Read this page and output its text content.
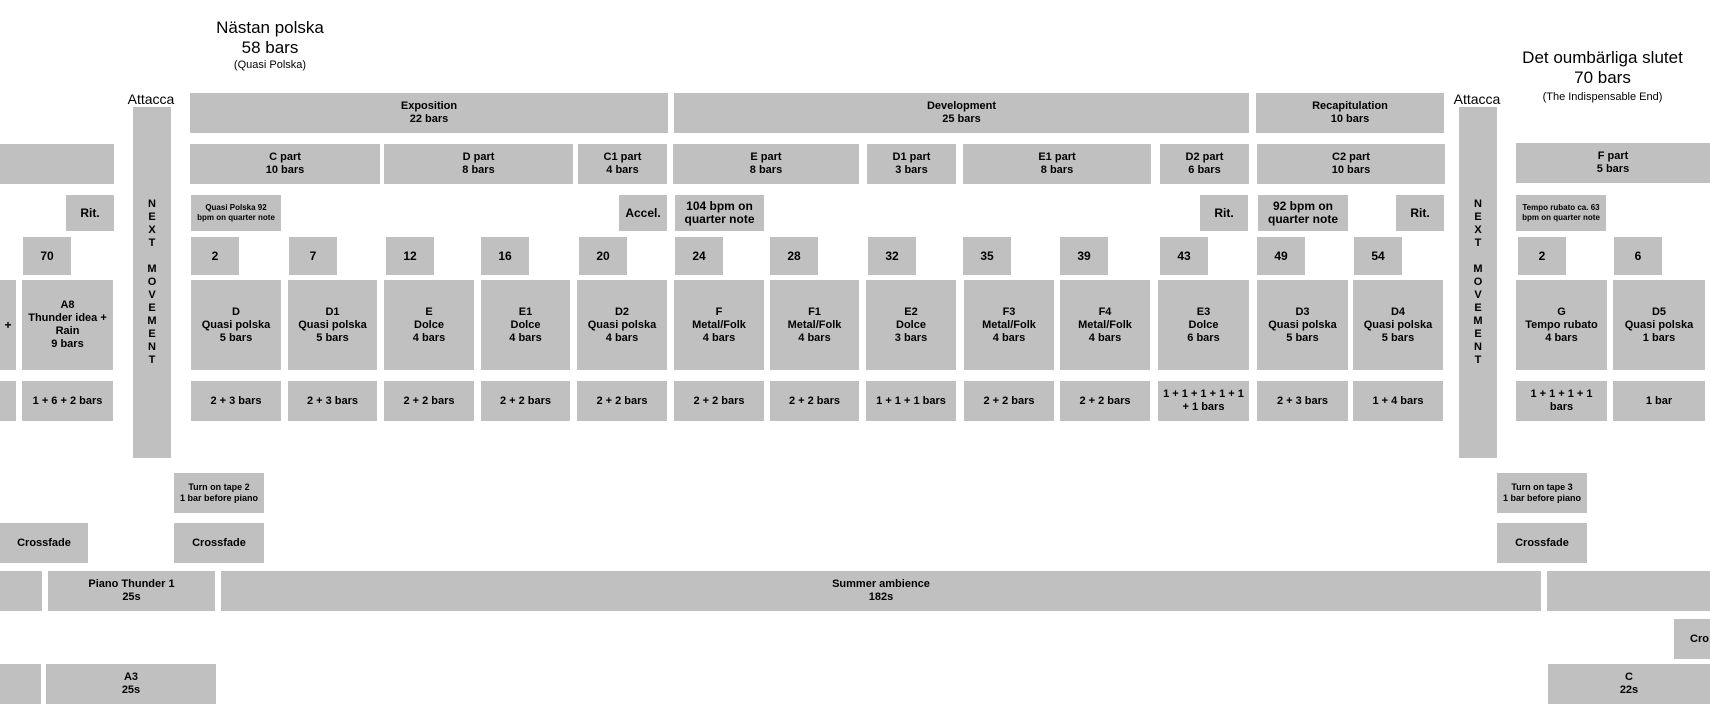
Nästan polska
58 bars
(Quasi Polska)	Det oumbärliga slutet
70 bars
(The Indispensable End)
Attacca	Attacca
NEXT MOVEMENT	NEXT MOVEMENT
Exposition
22 bars
Development
25 bars
Recapitulation
10 bars
C part
10 bars
D part
8 bars
C1 part
4 bars
E part
8 bars
D1 part
3 bars
E1 part
8 bars
D2 part
6 bars
C2 part
10 bars
F part
5 bars
Rit.	Quasi Polska 92
bpm on quarter note	Accel. 104 bpm on
quarter note	Rit.	92 bpm on
quarter note	Rit.	Tempo rubato ca. 63
bpm on quarter note
70	2	7	12	16	20	24	28	32	35	39	43	49	54	2	6
+
A8
Thunder idea +
Rain
9 bars
D
Quasi polska
5 bars
D1
Quasi polska
5 bars
E
Dolce
4 bars
E1
Dolce
4 bars
D2
Quasi polska
4 bars
F
Metal/Folk
4 bars
F1
Metal/Folk
4 bars
E2
Dolce
3 bars
F3
Metal/Folk
4 bars
F4
Metal/Folk
4 bars
E3
Dolce
6 bars
D3
Quasi polska
5 bars
D4
Quasi polska
5 bars
G
Tempo rubato
4 bars
D5
Quasi polska
1 bars
1 + 6 + 2 bars	2 + 3 bars	2 + 3 bars	2 + 2 bars	2 + 2 bars	2 + 2 bars	2 + 2 bars	2 + 2 bars	1 + 1 + 1 bars	2 + 2 bars	2 + 2 bars
1 + 1 + 1 + 1 + 1
+ 1 bars
2 + 3 bars	1 + 4 bars
1 + 1 + 1 + 1
bars
1 bar
Turn on tape 2
1 bar before piano
Turn on tape 3
1 bar before piano
Crossfade	Crossfade	Crossfade
Piano Thunder 1
25s
Summer ambience
182s
Cro
A3
25s
C
22s
